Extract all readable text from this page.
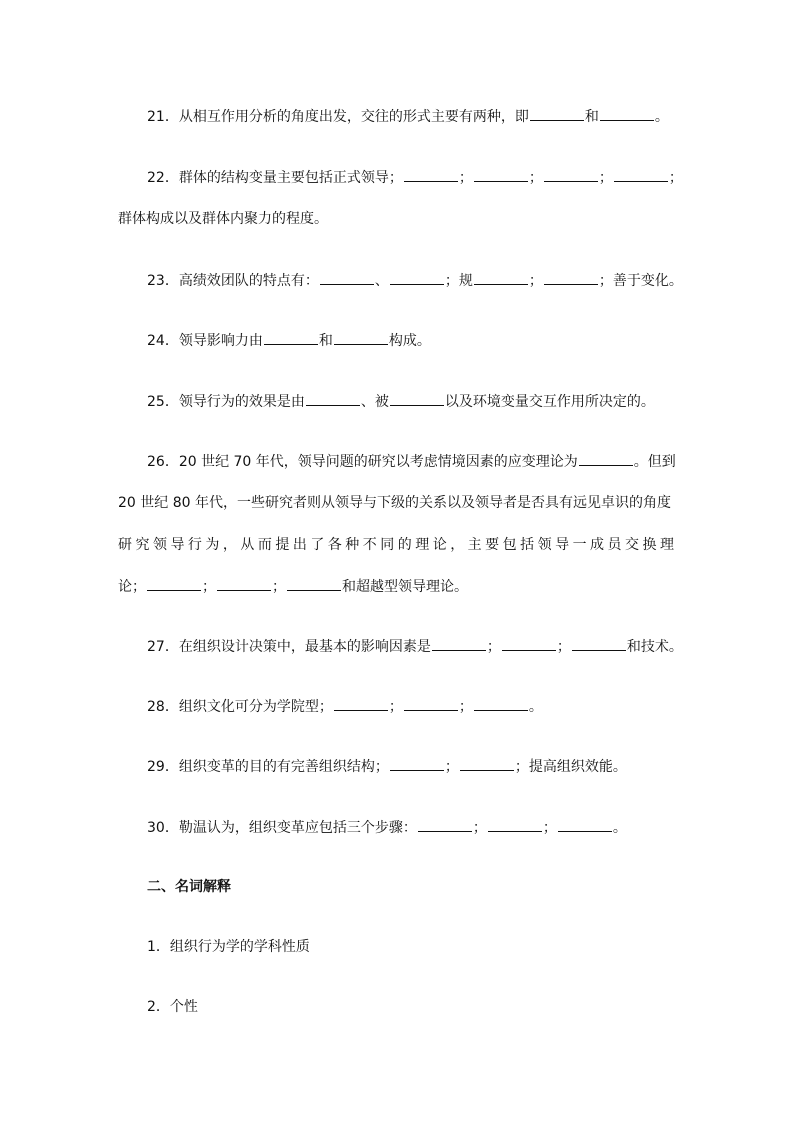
21．从相互作用分析的角度出发，交往的形式主要有两种，即	和	。
22．群体的结构变量主要包括正式领导；	；	；	；	；
群体构成以及群体内聚力的程度。
23．高绩效团队的特点有：	、	；规	；	；善于变化。
24．领导影响力由	和	构成。
25．领导行为的效果是由	、被	以及环境变量交互作用所决定的。
26．20 世纪 70 年代，领导问题的研究以考虑情境因素的应变理论为	。但到
20 世纪 80 年代，一些研究者则从领导与下级的关系以及领导者是否具有远见卓识的角度
研究领导行为，从而提出了各种不同的理论，主要包括领导一成员交换理
论；	；	；	和超越型领导理论。
27．在组织设计决策中，最基本的影响因素是	；	；	和技术。
28．组织文化可分为学院型；	；	；	。
29．组织变革的目的有完善组织结构；	；	；提高组织效能。
30．勒温认为，组织变革应包括三个步骤：	；	；	。
二、名词解释
1．组织行为学的学科性质
2．个性
